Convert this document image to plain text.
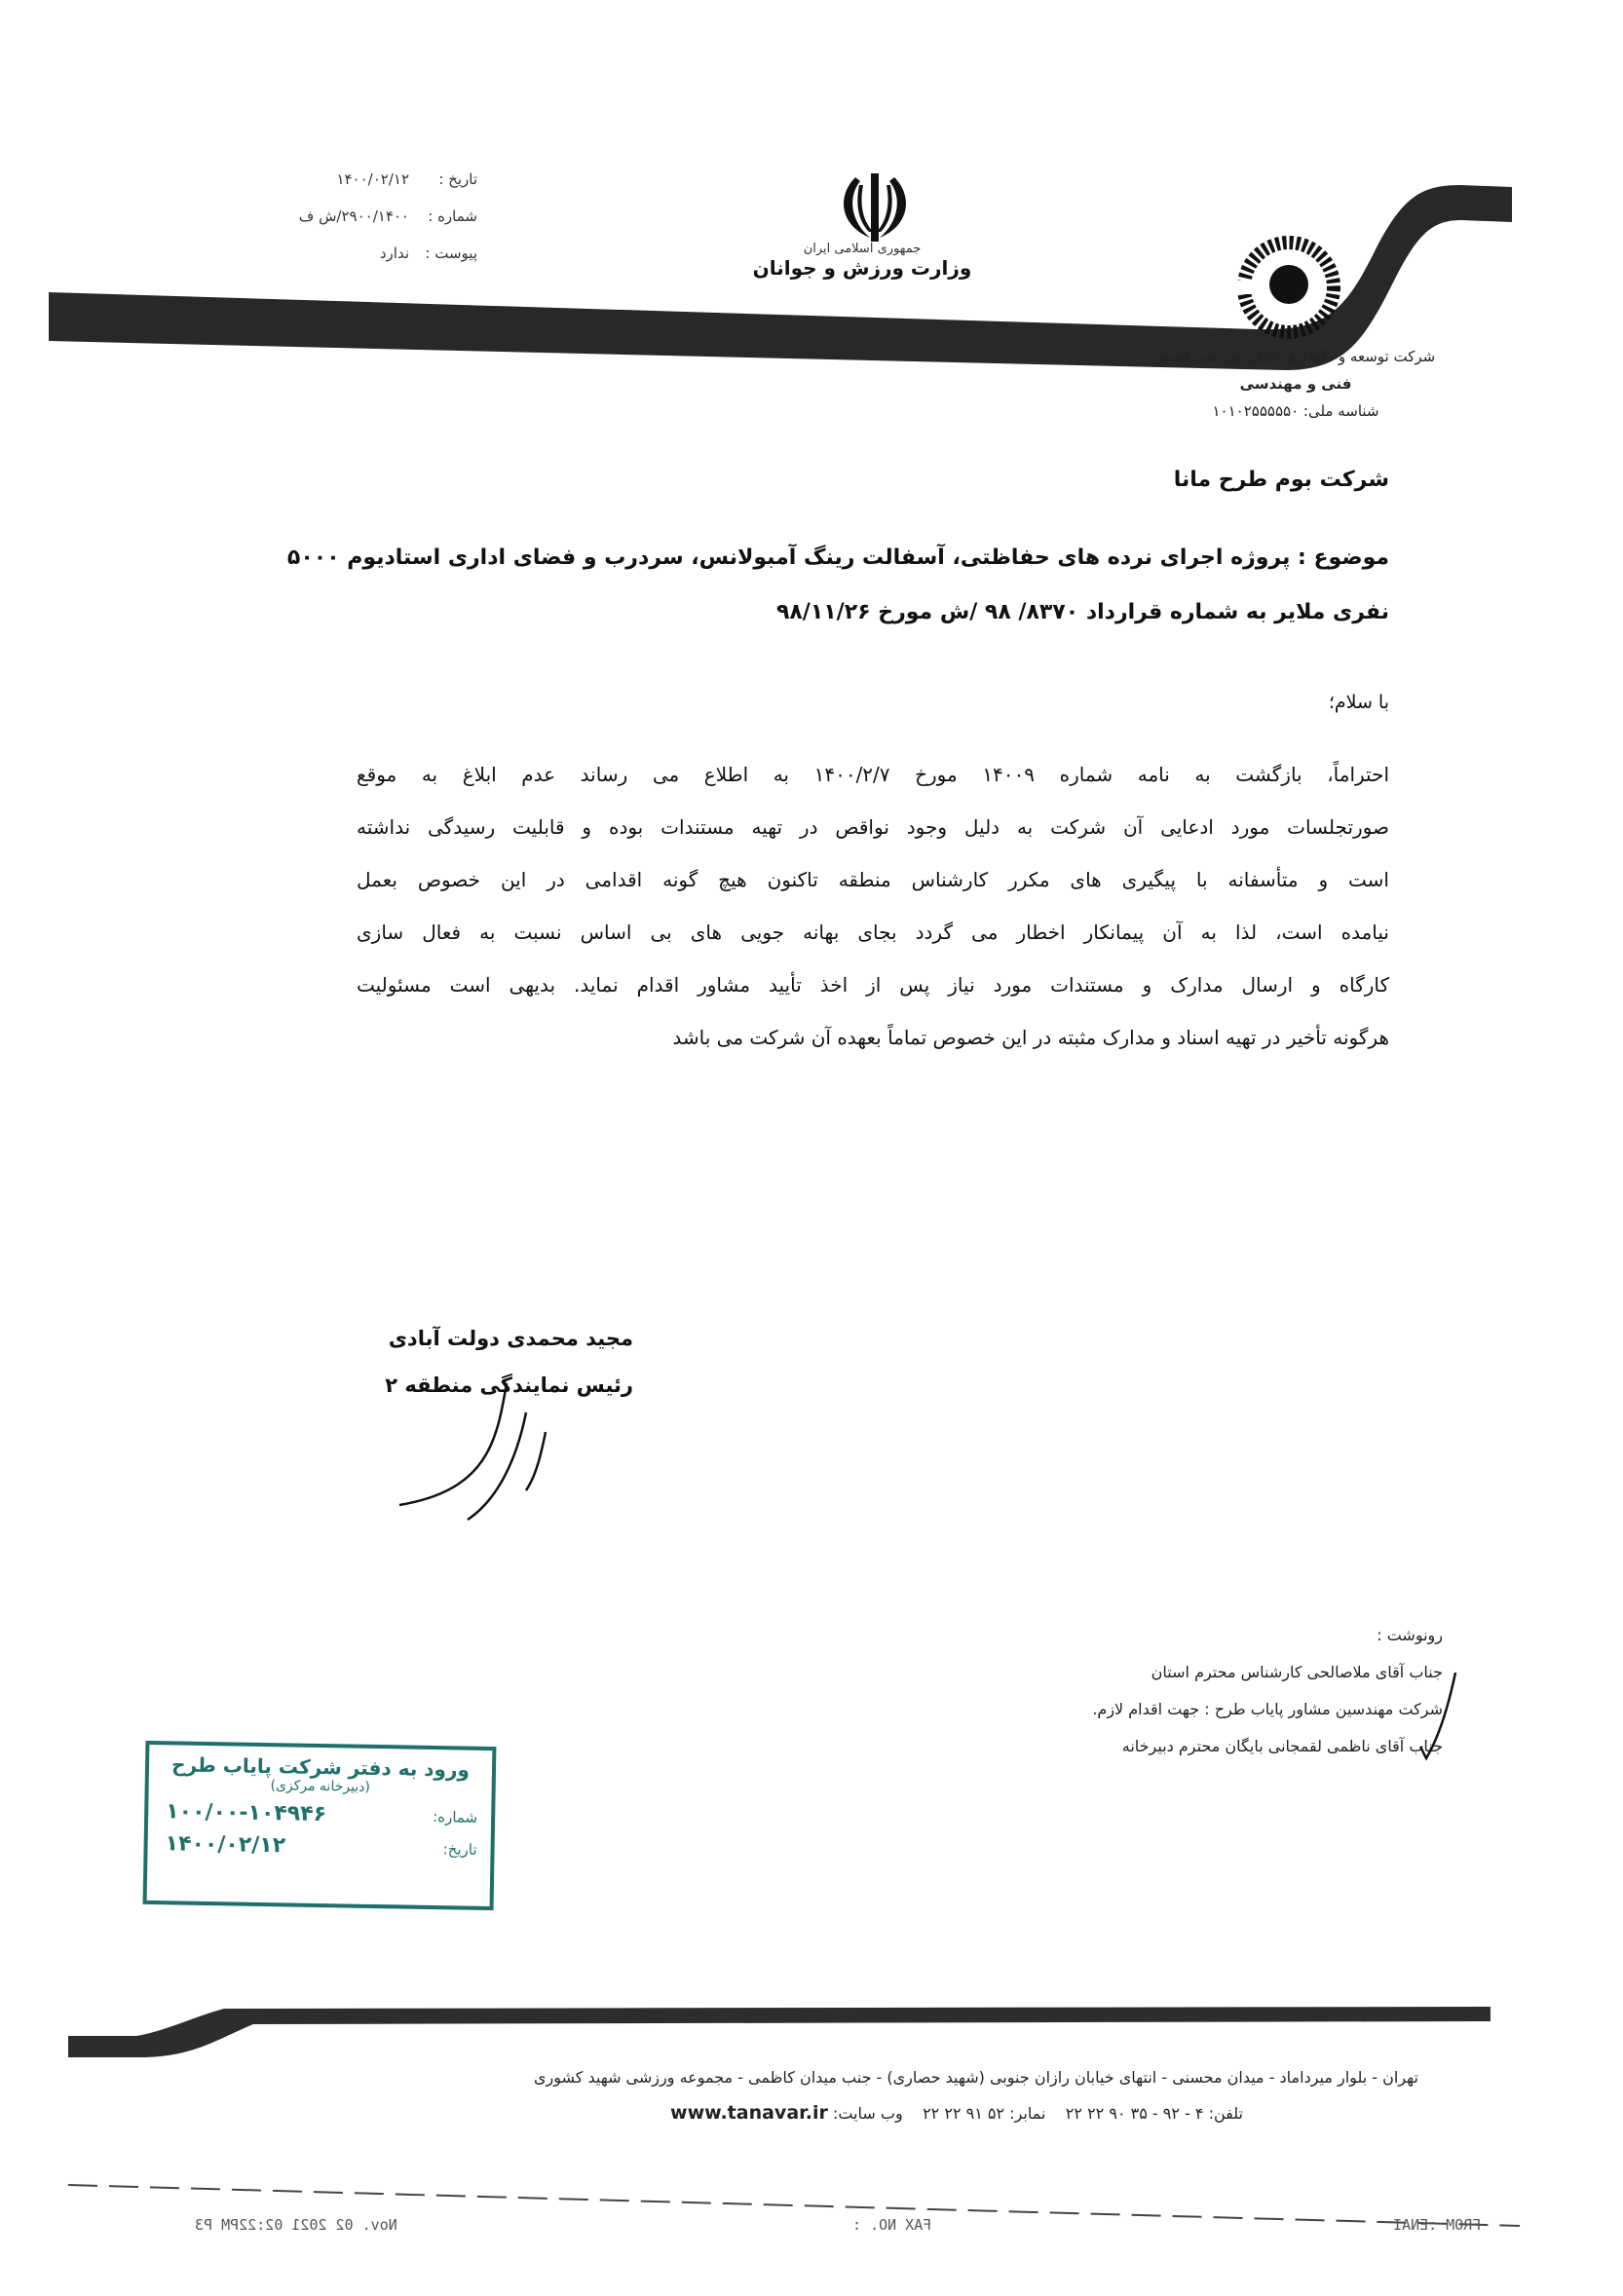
تاریخ :۱۴۰۰/۰۲/۱۲
شماره :۲۹۰۰/۱۴۰۰/ش ف
پیوست :ندارد	جمهوری اسلامی ایران
وزارت ورزش و جوانان
شرکت توسعه و نگهداری اماکن ورزشی کشور
فنی و مهندسی
شناسه ملی: ۱۰۱۰۲۵۵۵۵۵۰
شرکت بوم طرح مانا
موضوع : پروژه اجرای نرده های حفاظتی، آسفالت رینگ آمبولانس، سردرب و فضای اداری استادیوم ۵۰۰۰
نفری ملایر به شماره قرارداد ۸۳۷۰/ ۹۸ /ش مورخ ۹۸/۱۱/۲۶
با سلام؛
احتراماً، بازگشت به نامه شماره ۱۴۰۰۹ مورخ ۱۴۰۰/۲/۷ به اطلاع می رساند عدم ابلاغ به موقع
صورتجلسات مورد ادعایی آن شرکت به دلیل وجود نواقص در تهیه مستندات بوده و قابلیت رسیدگی نداشته
است و متأسفانه با پیگیری های مکرر کارشناس منطقه تاکنون هیچ گونه اقدامی در این خصوص بعمل
نیامده است، لذا به آن پیمانکار اخطار می گردد بجای بهانه جویی های بی اساس نسبت به فعال سازی
کارگاه و ارسال مدارک و مستندات مورد نیاز پس از اخذ تأیید مشاور اقدام نماید. بدیهی است مسئولیت
هرگونه تأخیر در تهیه اسناد و مدارک مثبته در این خصوص تماماً بعهده آن شرکت می باشد
مجید محمدی دولت آبادی
رئیس نمایندگی منطقه ۲
رونوشت :
جناب آقای ملاصالحی کارشناس محترم استان
شرکت مهندسین مشاور پایاب طرح : جهت اقدام لازم.
جناب آقای ناظمی لقمجانی بایگان محترم دبیرخانه
ورود به دفتر شرکت پایاب طرح
(دبیرخانه مرکزی)
شماره:
۱۰۰/۰۰-۱۰۴۹۴۶
تاریخ:
۱۴۰۰/۰۲/۱۲
تهران - بلوار میرداماد - میدان محسنی - انتهای خیابان رازان جنوبی (شهید حصاری) - جنب میدان کاظمی - مجموعه ورزشی شهید کشوری
تلفن: ۴ - ۹۲ - ۳۵ ۹۰ ۲۲ ۲۲    نمابر: ۵۲ ۹۱ ۲۲ ۲۲    وب سایت: www.tanavar.ir
FROM :ENAI
FAX NO. :
Nov. 02 2021 02:22PM P3
